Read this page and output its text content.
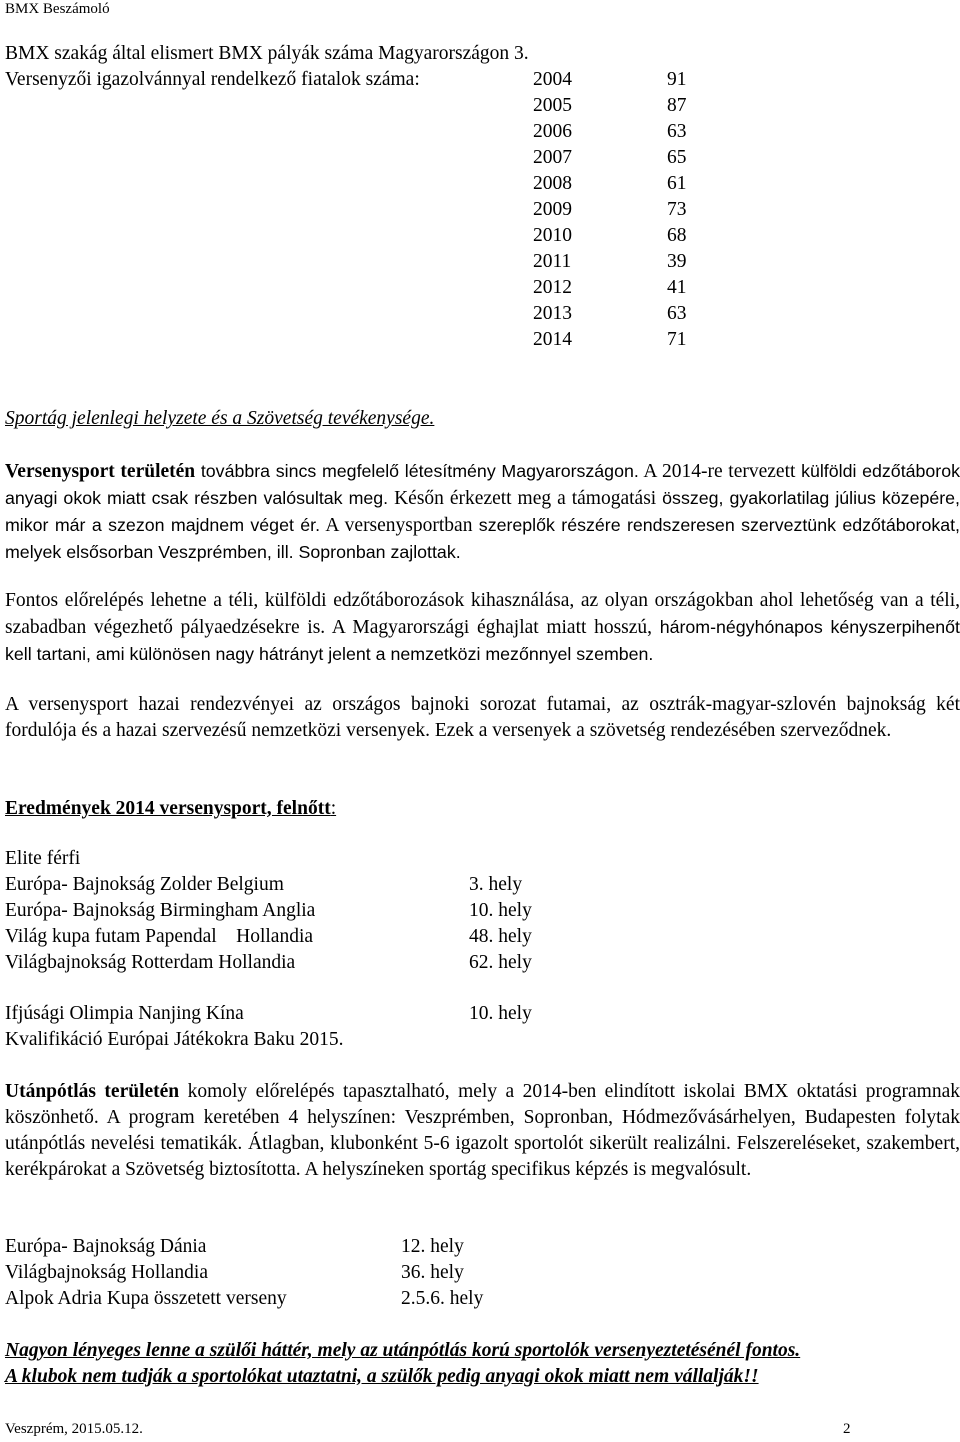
BMX Beszámoló
BMX szakág által elismert BMX pályák száma Magyarországon 3.
Versenyzői igazolvánnyal rendelkező fiatalok száma:	2004	91
2005	87
2006	63
2007	65
2008	61
2009	73
2010	68
2011	39
2012	41
2013	63
2014	71
Sportág jelenlegi helyzete és a Szövetség tevékenysége.
Versenysport területén továbbra sincs megfelelő létesítmény Magyarországon. A 2014-re tervezett külföldi edzőtáborok anyagi okok miatt csak részben valósultak meg. Későn érkezett meg a támogatási összeg, gyakorlatilag július közepére, mikor már a szezon majdnem véget ér. A versenysportban szereplők részére rendszeresen szerveztünk edzőtáborokat, melyek elsősorban Veszprémben, ill. Sopronban zajlottak.
Fontos előrelépés lehetne a téli, külföldi edzőtáborozások kihasználása, az olyan országokban ahol lehetőség van a téli, szabadban végezhető pályaedzésekre is. A Magyarországi éghajlat miatt hosszú, három-négyhónapos kényszerpihenőt kell tartani, ami különösen nagy hátrányt jelent a nemzetközi mezőnnyel szemben.
A versenysport hazai rendezvényei az országos bajnoki sorozat futamai, az osztrák-magyar-szlovén bajnokság két fordulója és a hazai szervezésű nemzetközi versenyek. Ezek a versenyek a szövetség rendezésében szerveződnek.
Eredmények 2014 versenysport, felnőtt:
Elite férfi
Európa- Bajnokság Zolder Belgium	3. hely
Európa- Bajnokság Birmingham Anglia	10. hely
Világ kupa futam Papendal    Hollandia	48. hely
Világbajnokság Rotterdam Hollandia	62. hely
Ifjúsági Olimpia Nanjing Kína	10. hely
Kvalifikáció Európai Játékokra Baku 2015.
Utánpótlás területén komoly előrelépés tapasztalható, mely a 2014-ben elindított iskolai BMX oktatási programnak köszönhető. A program keretében 4 helyszínen: Veszprémben, Sopronban, Hódmezővásárhelyen, Budapesten folytak utánpótlás nevelési tematikák. Átlagban, klubonként 5-6 igazolt sportolót sikerült realizálni. Felszereléseket, szakembert, kerékpárokat a Szövetség biztosította. A helyszíneken sportág specifikus képzés is megvalósult.
Európa- Bajnokság Dánia	12. hely
Világbajnokság Hollandia	36. hely
Alpok Adria Kupa összetett verseny	2.5.6. hely
Nagyon lényeges lenne a szülői háttér, mely az utánpótlás korú sportolók versenyeztetésénél fontos.
A klubok nem tudják a sportolókat utaztatni, a szülők pedig anyagi okok miatt nem vállalják!!
Veszprém, 2015.05.12.	2
